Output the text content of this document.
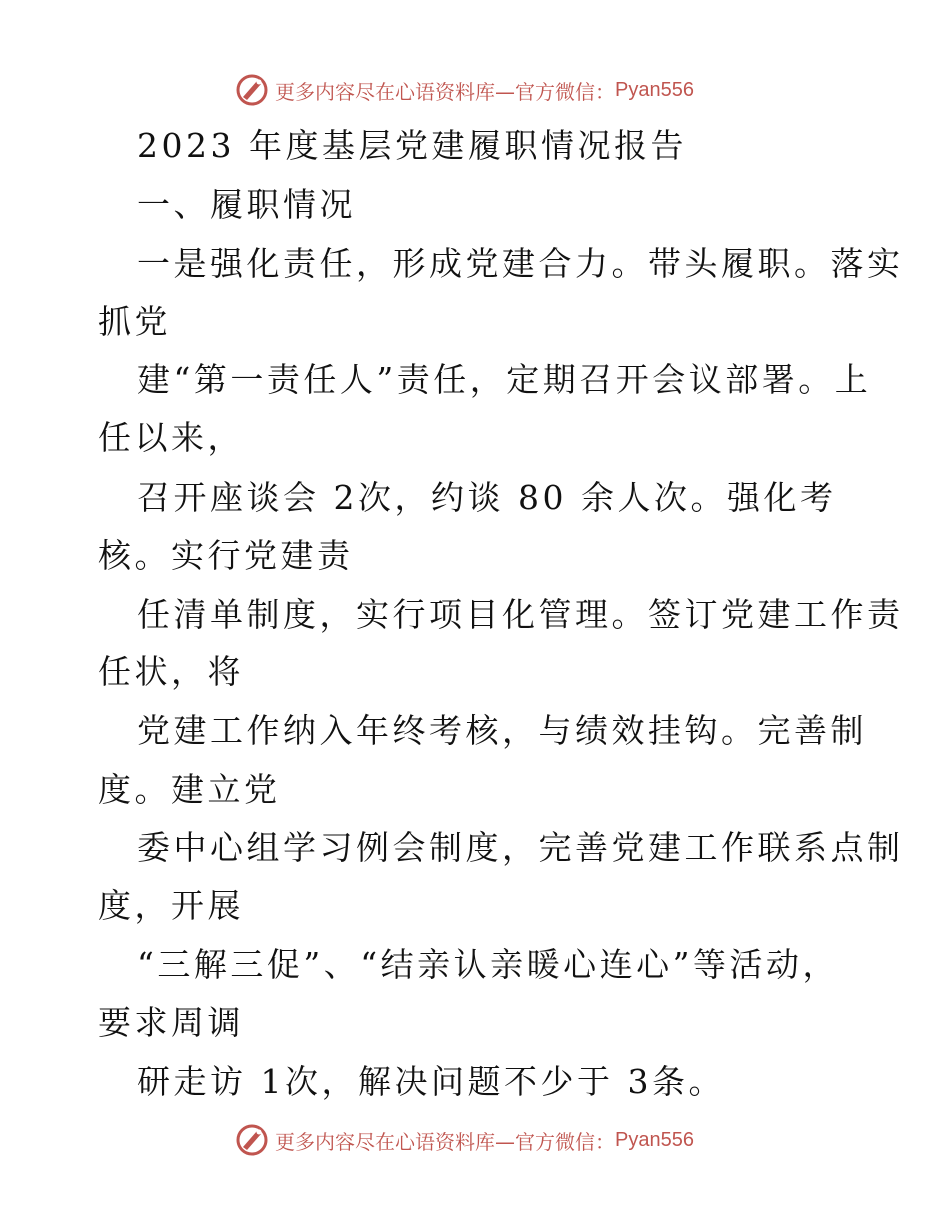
更多内容尽在心语资料库—官方微信： Pyan556
2023 年度基层党建履职情况报告
一、履职情况
一是强化责任，形成党建合力。带头履职。落实
抓党
建“第一责任人”责任，定期召开会议部署。上
任以来，
召开座谈会 2次，约谈 80 余人次。强化考
核。实行党建责
任清单制度，实行项目化管理。签订党建工作责
任状，将
党建工作纳入年终考核，与绩效挂钩。完善制
度。建立党
委中心组学习例会制度，完善党建工作联系点制
度，开展
“三解三促”、“结亲认亲暖心连心”等活动，
要求周调
研走访 1次，解决问题不少于 3条。
更多内容尽在心语资料库—官方微信： Pyan556
